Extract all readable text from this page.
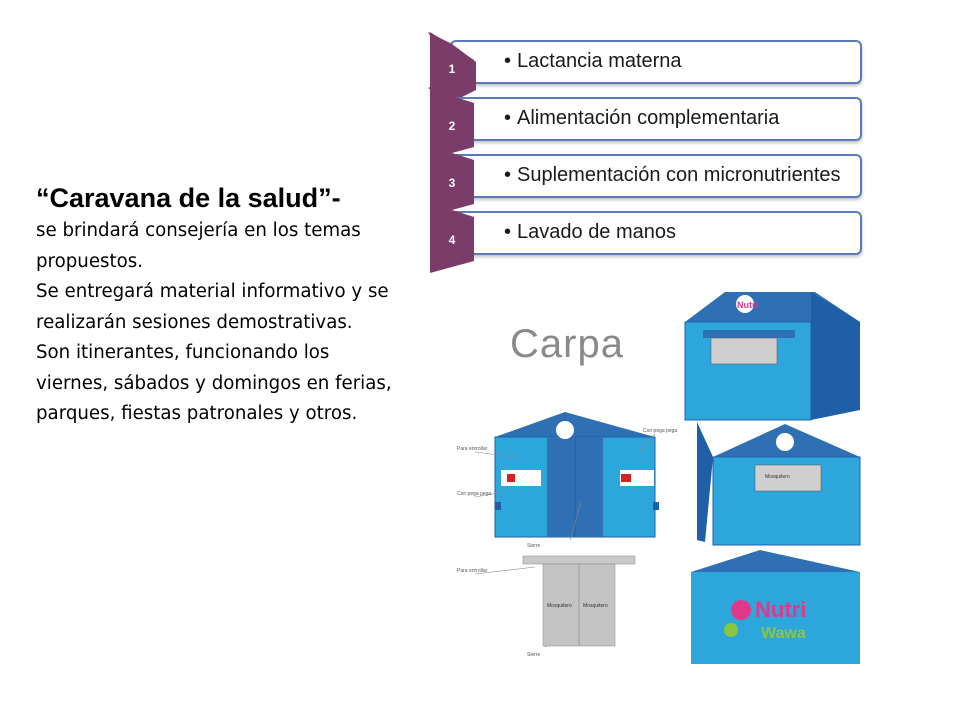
“Caravana de la salud”-
se brindará consejería en los temas propuestos.
Se entregará material informativo y se realizarán sesiones demostrativas.
Son itinerantes, funcionando los viernes, sábados y domingos en ferias, parques, fiestas patronales y otros.
• Lactancia materna
1
• Alimentación complementaria
2
• Suplementación con micronutrientes
3
• Lavado de manos
4
Nutri
Para enrrollar
Con pega pega
Con pega pega
Sierre
Para enrrollar
Sierre
Mosquitero Mosquitero
Mosquitero
Nutri
Wawa
Carpa
